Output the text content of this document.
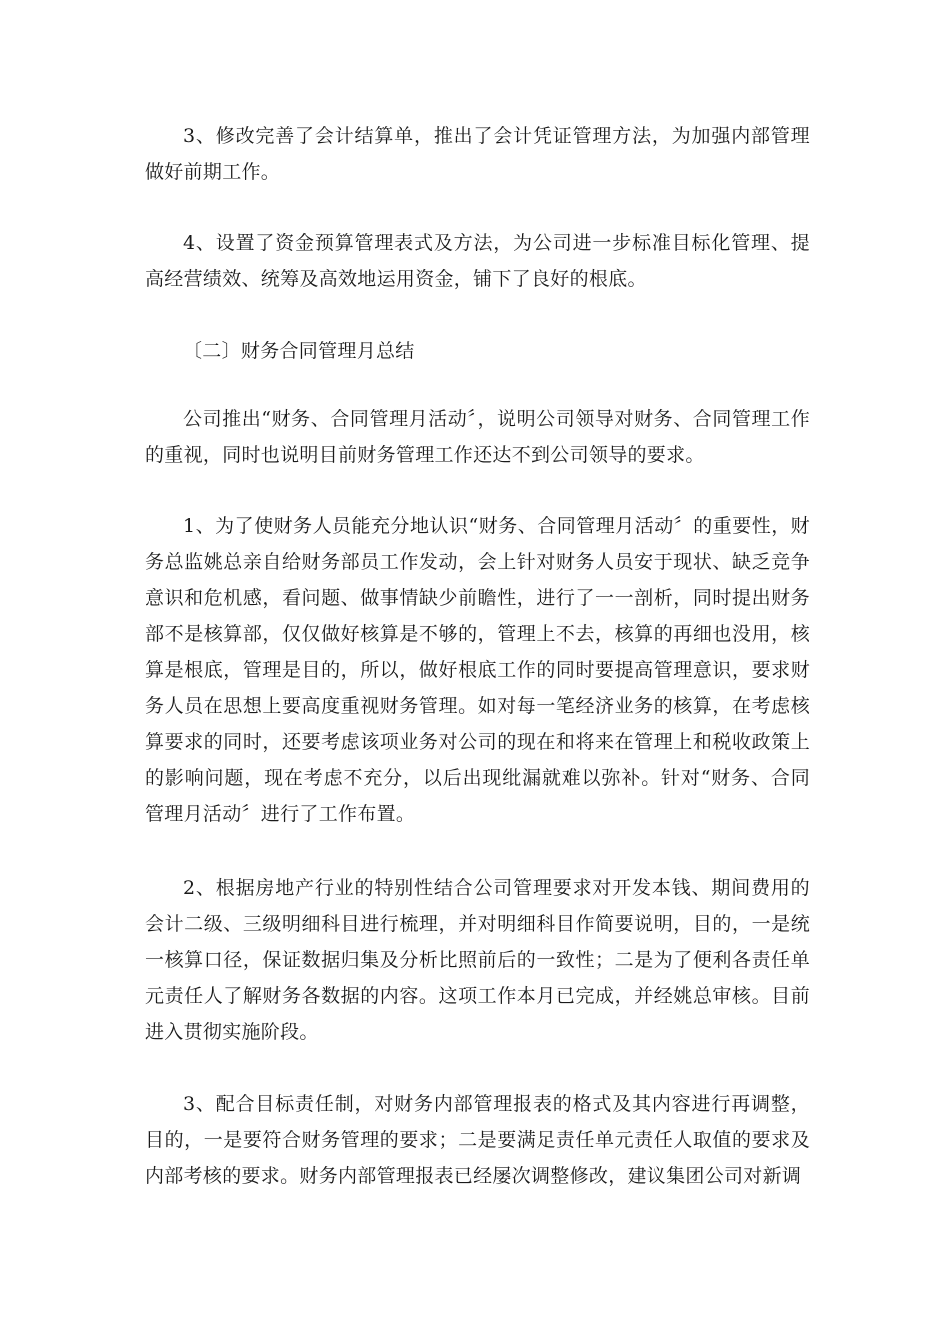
3、修改完善了会计结算单，推出了会计凭证管理方法，为加强内部管理做好前期工作。

4、设置了资金预算管理表式及方法，为公司进一步标准目标化管理、提高经营绩效、统筹及高效地运用资金，铺下了良好的根底。

〔二〕财务合同管理月总结

公司推出“财务、合同管理月活动〞，说明公司领导对财务、合同管理工作的重视，同时也说明目前财务管理工作还达不到公司领导的要求。

1、为了使财务人员能充分地认识“财务、合同管理月活动〞的重要性，财务总监姚总亲自给财务部员工作发动，会上针对财务人员安于现状、缺乏竞争意识和危机感，看问题、做事情缺少前瞻性，进行了一一剖析，同时提出财务部不是核算部，仅仅做好核算是不够的，管理上不去，核算的再细也没用，核算是根底，管理是目的，所以，做好根底工作的同时要提高管理意识，要求财务人员在思想上要高度重视财务管理。如对每一笔经济业务的核算，在考虑核算要求的同时，还要考虑该项业务对公司的现在和将来在管理上和税收政策上的影响问题，现在考虑不充分，以后出现纰漏就难以弥补。针对“财务、合同管理月活动〞进行了工作布置。

2、根据房地产行业的特别性结合公司管理要求对开发本钱、期间费用的会计二级、三级明细科目进行梳理，并对明细科目作简要说明，目的，一是统一核算口径，保证数据归集及分析比照前后的一致性；二是为了便利各责任单元责任人了解财务各数据的内容。这项工作本月已完成，并经姚总审核。目前进入贯彻实施阶段。

3、配合目标责任制，对财务内部管理报表的格式及其内容进行再调整，目的，一是要符合财务管理的要求；二是要满足责任单元责任人取值的要求及内部考核的要求。财务内部管理报表已经屡次调整修改，建议集团公司对新调
